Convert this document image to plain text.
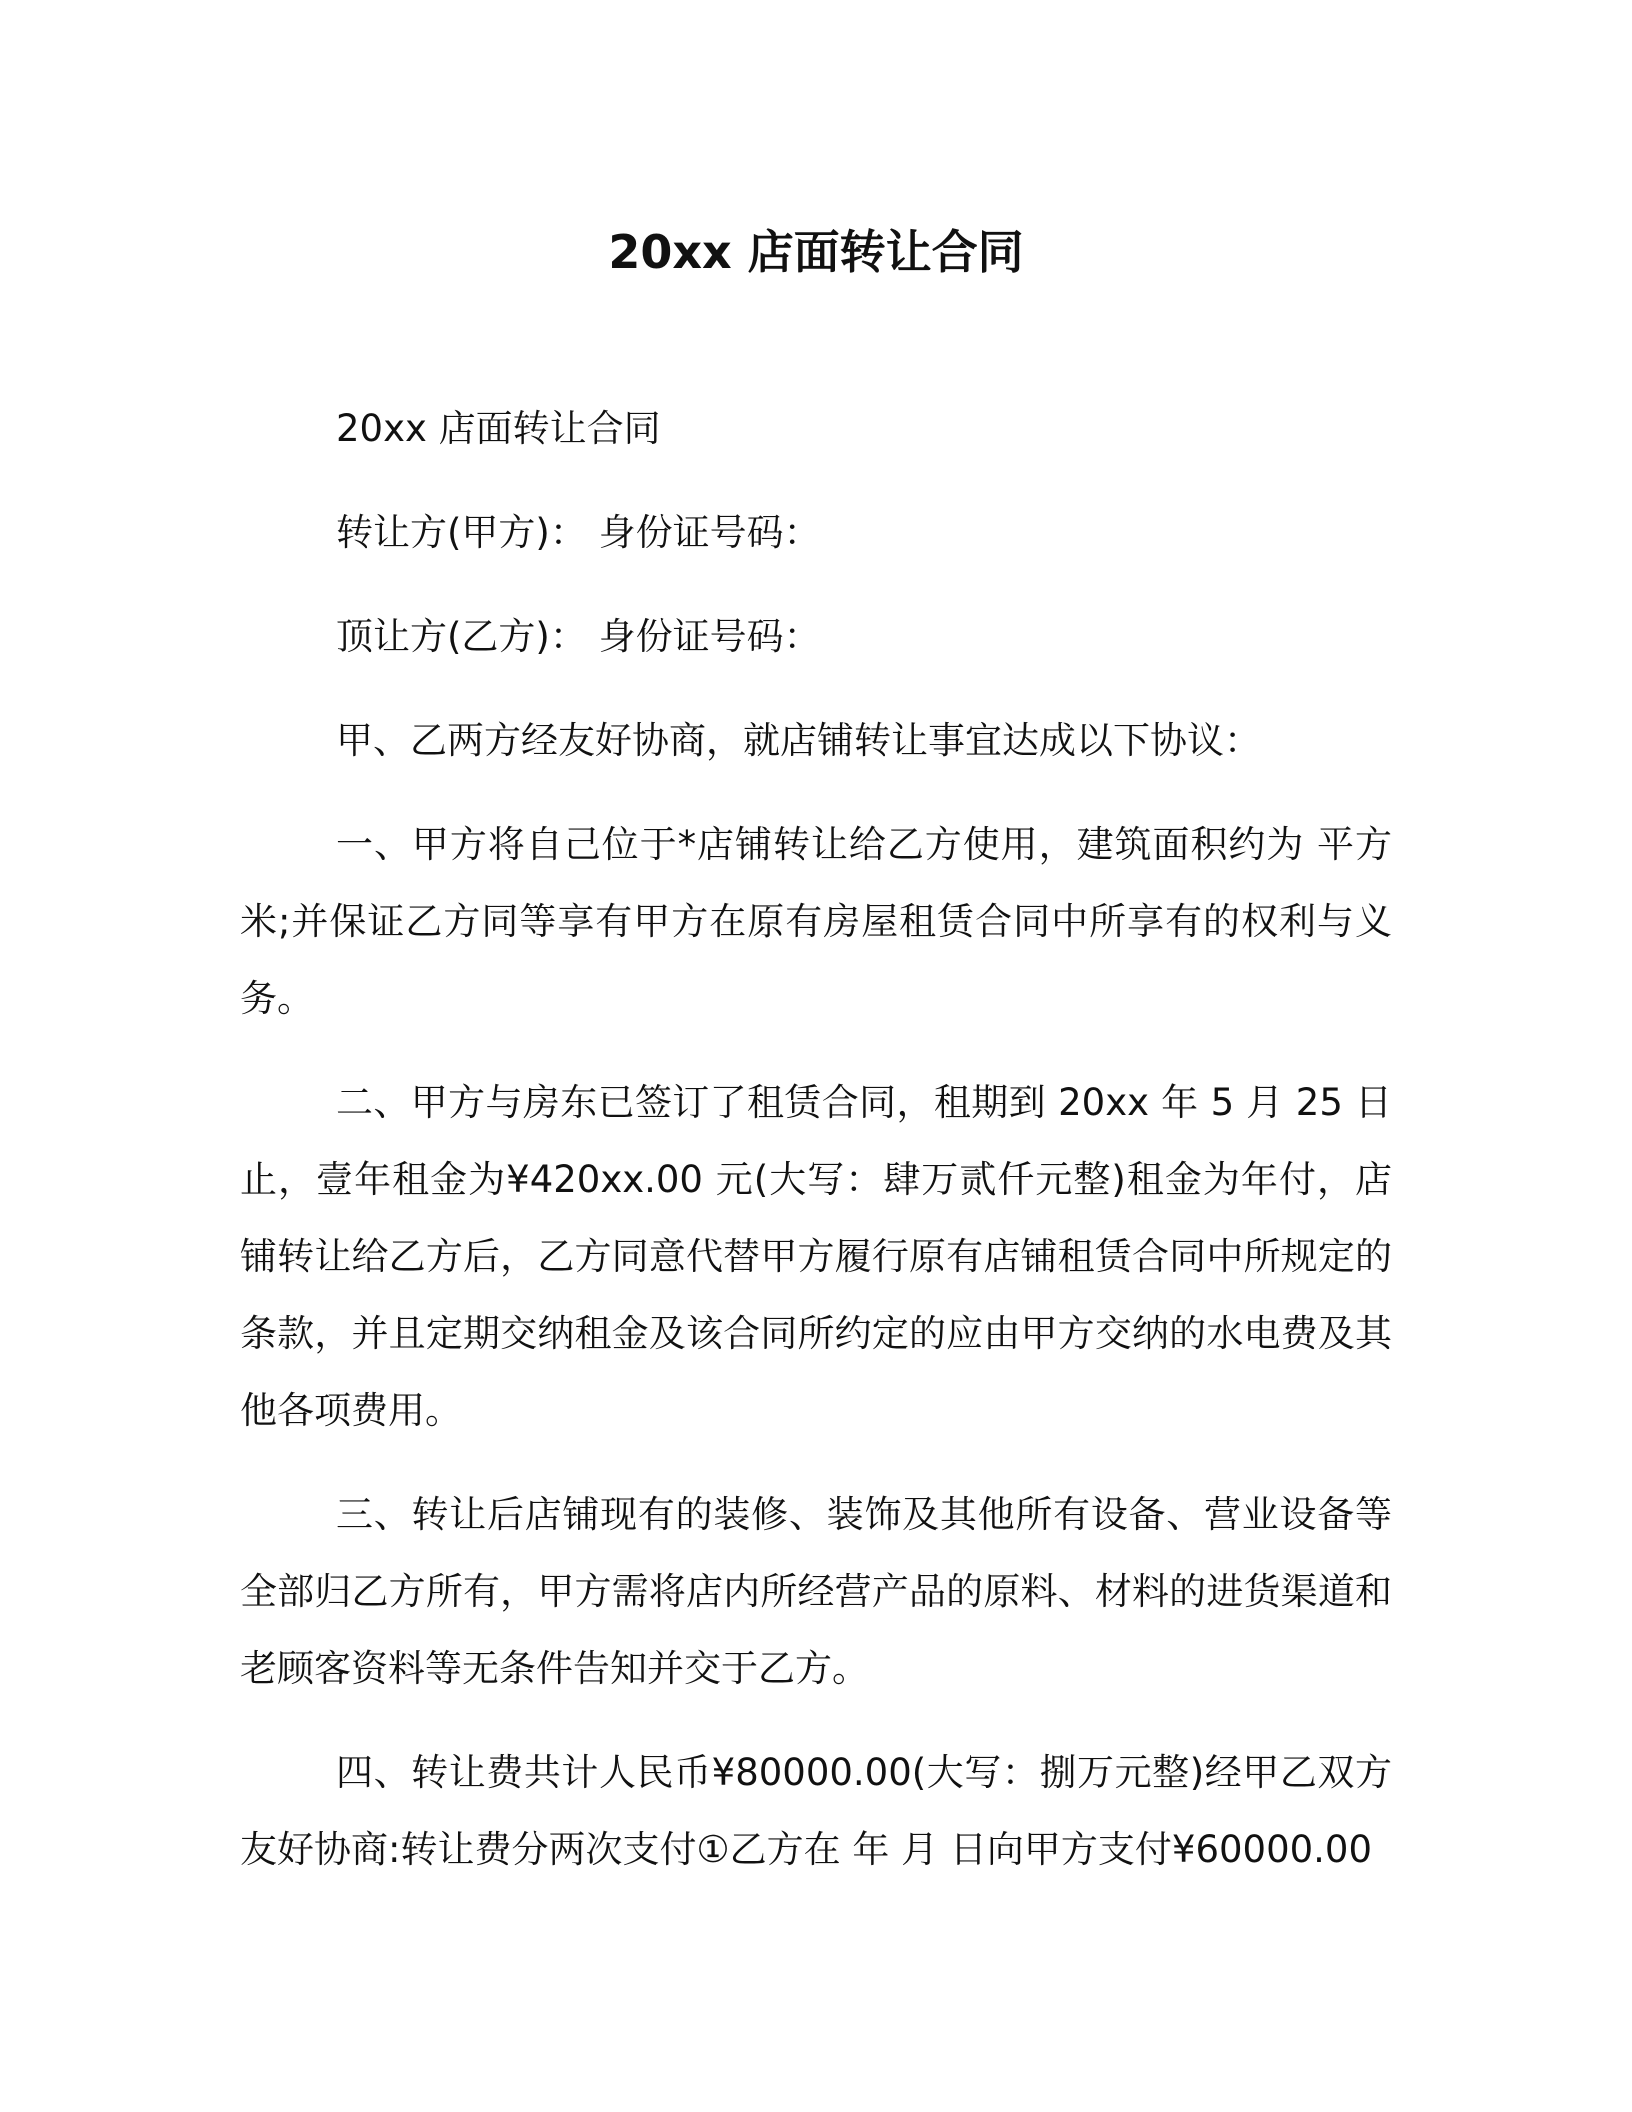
20xx 店面转让合同

20xx 店面转让合同

转让方(甲方)： 身份证号码：

顶让方(乙方)： 身份证号码：

甲、乙两方经友好协商，就店铺转让事宜达成以下协议：

一、甲方将自己位于*店铺转让给乙方使用，建筑面积约为 平方米;并保证乙方同等享有甲方在原有房屋租赁合同中所享有的权利与义务。

二、甲方与房东已签订了租赁合同，租期到 20xx 年 5 月 25 日止，壹年租金为¥420xx.00 元(大写：肆万贰仟元整)租金为年付，店铺转让给乙方后，乙方同意代替甲方履行原有店铺租赁合同中所规定的条款，并且定期交纳租金及该合同所约定的应由甲方交纳的水电费及其他各项费用。

三、转让后店铺现有的装修、装饰及其他所有设备、营业设备等全部归乙方所有，甲方需将店内所经营产品的原料、材料的进货渠道和老顾客资料等无条件告知并交于乙方。

四、转让费共计人民币¥80000.00(大写：捌万元整)经甲乙双方友好协商:转让费分两次支付①乙方在 年 月 日向甲方支付¥60000.00
